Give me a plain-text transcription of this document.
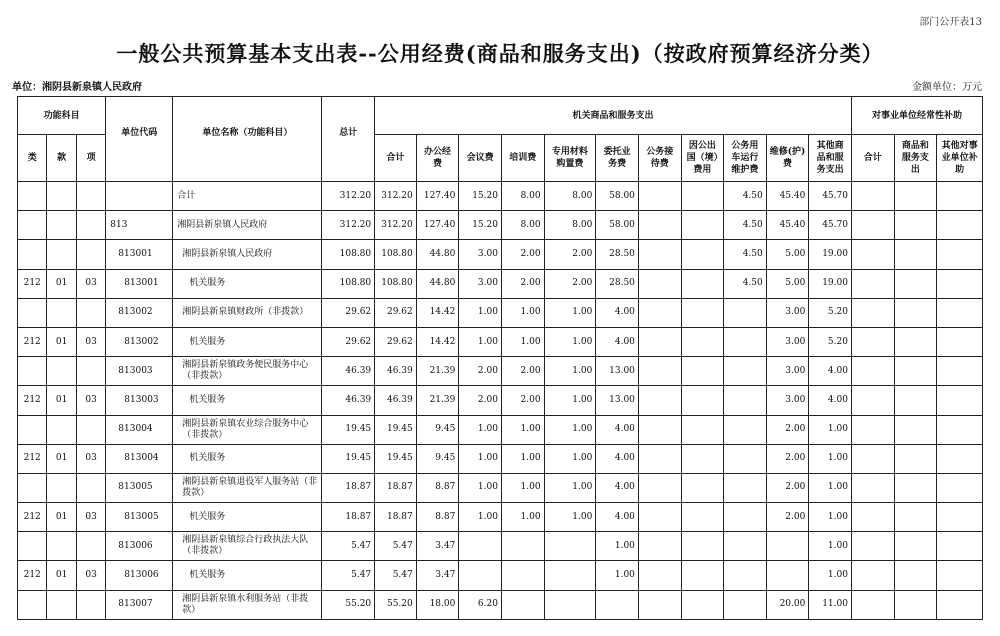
部门公开表13
一般公共预算基本支出表--公用经费(商品和服务支出)（按政府预算经济分类）
单位：湘阴县新泉镇人民政府	金额单位：万元
功能科目			单位代码	单位名称（功能科目）	总计	机关商品和服务支出											对事业单位经常性补助		
类	款	项				合计	办公经费	会议费	培训费	专用材料购置费	委托业务费	公务接待费	因公出国（境）费用	公务用车运行维护费	维修(护)费	其他商品和服务支出	合计	商品和服务支出	其他对事业单位补助
				合计	312.20	312.20	127.40	15.20	8.00	8.00	58.00			4.50	45.40	45.70			
			813	湘阴县新泉镇人民政府	312.20	312.20	127.40	15.20	8.00	8.00	58.00			4.50	45.40	45.70			
			813001	湘阴县新泉镇人民政府	108.80	108.80	44.80	3.00	2.00	2.00	28.50			4.50	5.00	19.00			
212	01	03	813001	机关服务	108.80	108.80	44.80	3.00	2.00	2.00	28.50			4.50	5.00	19.00			
			813002	湘阴县新泉镇财政所（非拨款）	29.62	29.62	14.42	1.00	1.00	1.00	4.00				3.00	5.20			
212	01	03	813002	机关服务	29.62	29.62	14.42	1.00	1.00	1.00	4.00				3.00	5.20			
			813003	湘阴县新泉镇政务便民服务中心（非拨款）	46.39	46.39	21.39	2.00	2.00	1.00	13.00				3.00	4.00			
212	01	03	813003	机关服务	46.39	46.39	21.39	2.00	2.00	1.00	13.00				3.00	4.00			
			813004	湘阴县新泉镇农业综合服务中心（非拨款）	19.45	19.45	9.45	1.00	1.00	1.00	4.00				2.00	1.00			
212	01	03	813004	机关服务	19.45	19.45	9.45	1.00	1.00	1.00	4.00				2.00	1.00			
			813005	湘阴县新泉镇退役军人服务站（非拨款）	18.87	18.87	8.87	1.00	1.00	1.00	4.00				2.00	1.00			
212	01	03	813005	机关服务	18.87	18.87	8.87	1.00	1.00	1.00	4.00				2.00	1.00			
			813006	湘阴县新泉镇综合行政执法大队（非拨款）	5.47	5.47	3.47				1.00					1.00			
212	01	03	813006	机关服务	5.47	5.47	3.47				1.00					1.00			
			813007	湘阴县新泉镇水利服务站（非拨款）	55.20	55.20	18.00	6.20							20.00	11.00			
